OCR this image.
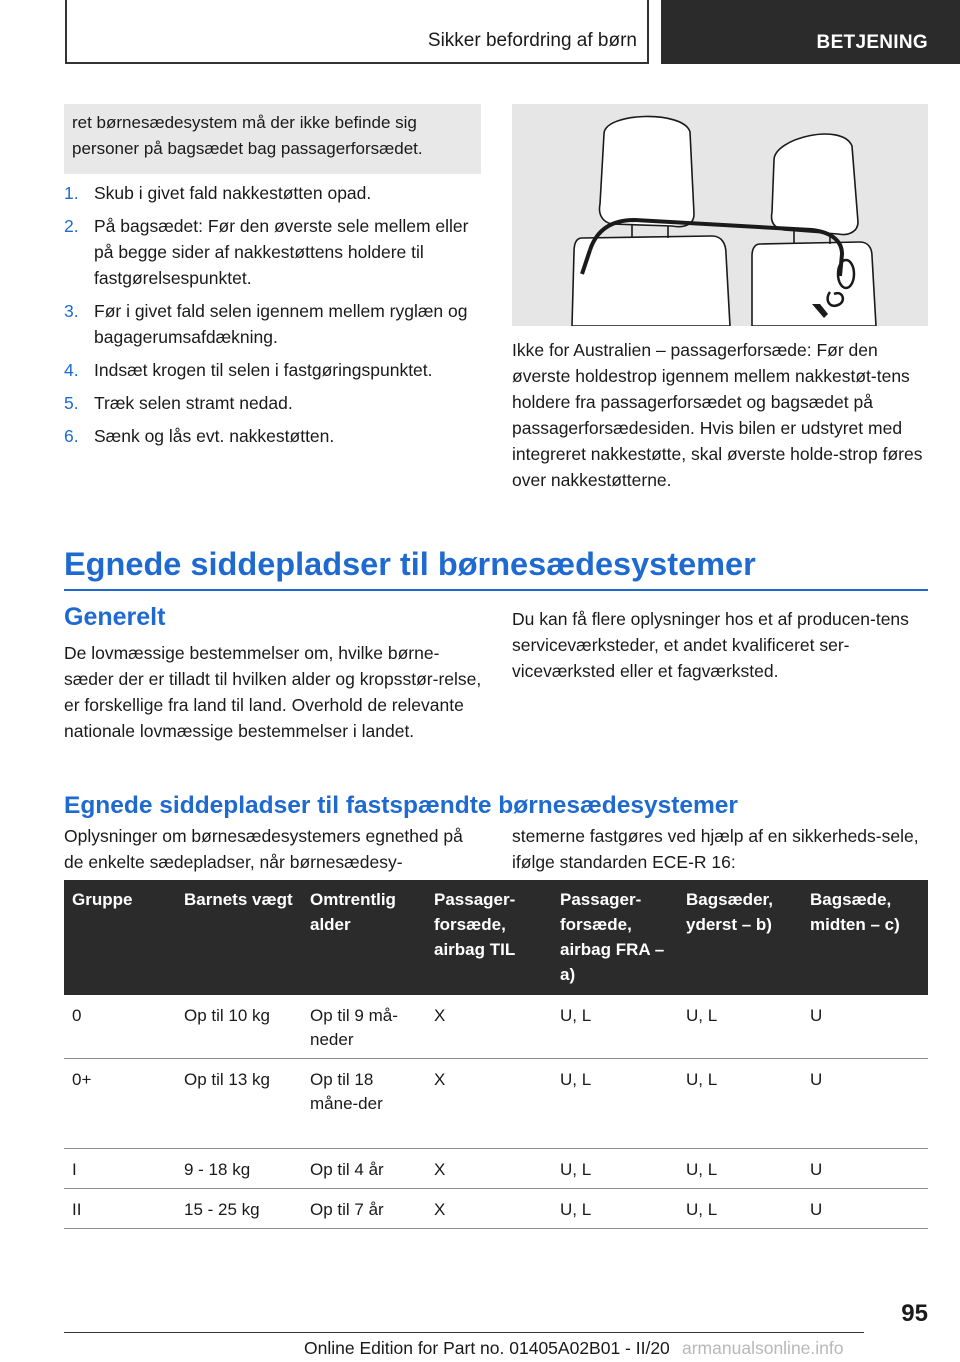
Sikker befordring af børn	BETJENING
ret børnesædesystem må der ikke befinde sig personer på bagsædet bag passagerforsædet.
1. Skub i givet fald nakkestøtten opad.
2. På bagsædet: Før den øverste sele mellem eller på begge sider af nakkestøttens holdere til fastgørelsespunktet.
3. Før i givet fald selen igennem mellem ryglæn og bagagerumsafdækning.
4. Indsæt krogen til selen i fastgøringspunktet.
5. Træk selen stramt nedad.
6. Sænk og lås evt. nakkestøtten.
Ikke for Australien – passagerforsæde: Før den øverste holdestrop igennem mellem nakkestøt-tens holdere fra passagerforsædet og bagsædet på passagerforsædesiden. Hvis bilen er udstyret med integreret nakkestøtte, skal øverste holde-strop føres over nakkestøtterne.
Egnede siddepladser til børnesædesystemer
Generelt
De lovmæssige bestemmelser om, hvilke børne-sæder der er tilladt til hvilken alder og kropsstør-relse, er forskellige fra land til land. Overhold de relevante nationale lovmæssige bestemmelser i landet.
Du kan få flere oplysninger hos et af producen-tens serviceværksteder, et andet kvalificeret ser-viceværksted eller et fagværksted.
Egnede siddepladser til fastspændte børnesædesystemer
Oplysninger om børnesædesystemers egnethed på de enkelte sædepladser, når børnesædesy-
stemerne fastgøres ved hjælp af en sikkerheds-sele, ifølge standarden ECE-R 16:
Gruppe	Barnets vægt	Omtrentlig alder	Passager-forsæde, airbag TIL	Passager-forsæde, airbag FRA – a)	Bagsæder, yderst – b)	Bagsæde, midten – c)
0	Op til 10 kg	Op til 9 må-neder	X	U, L	U, L	U
0+	Op til 13 kg	Op til 18 måne-der	X	U, L	U, L	U
I	9 - 18 kg	Op til 4 år	X	U, L	U, L	U
II	15 - 25 kg	Op til 7 år	X	U, L	U, L	U
95
Online Edition for Part no. 01405A02B01 - II/20 armanualsonline.info
